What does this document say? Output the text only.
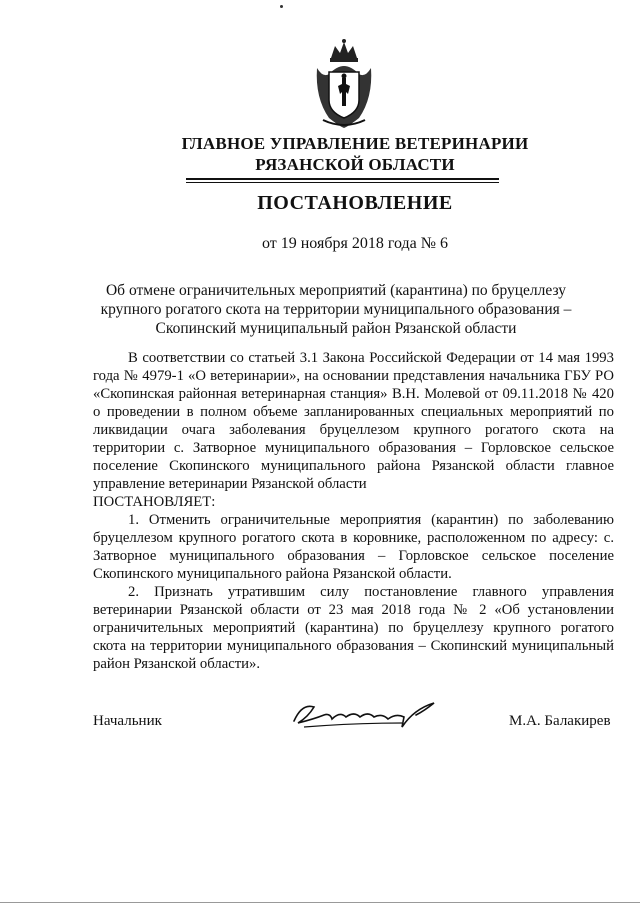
ГЛАВНОЕ УПРАВЛЕНИЕ ВЕТЕРИНАРИИ
РЯЗАНСКОЙ ОБЛАСТИ
ПОСТАНОВЛЕНИЕ
от 19 ноября 2018 года № 6
Об отмене ограничительных мероприятий (карантина) по бруцеллезу
крупного рогатого скота на территории муниципального образования –
Скопинский муниципальный район Рязанской области

В соответствии со статьей 3.1 Закона Российской Федерации от 14 мая 1993 года № 4979-1 «О ветеринарии», на основании представления начальника ГБУ РО «Скопинская районная ветеринарная станция» В.Н. Молевой от 09.11.2018 № 420 о проведении в полном объеме запланированных специальных мероприятий по ликвидации очага заболевания бруцеллезом крупного рогатого скота на территории с. Затворное муниципального образования – Горловское сельское поселение Скопинского муниципального района Рязанской области главное управление ветеринарии Рязанской области

ПОСТАНОВЛЯЕТ:

1. Отменить ограничительные мероприятия (карантин) по заболеванию бруцеллезом крупного рогатого скота в коровнике, расположенном по адресу: с. Затворное муниципального образования – Горловское сельское поселение Скопинского муниципального района Рязанской области.

2. Признать утратившим силу постановление главного управления ветеринарии Рязанской области от 23 мая 2018 года № 2 «Об установлении ограничительных мероприятий (карантина) по бруцеллезу крупного рогатого скота на территории муниципального образования – Скопинский муниципальный район Рязанской области».

Начальник	М.А. Балакирев
